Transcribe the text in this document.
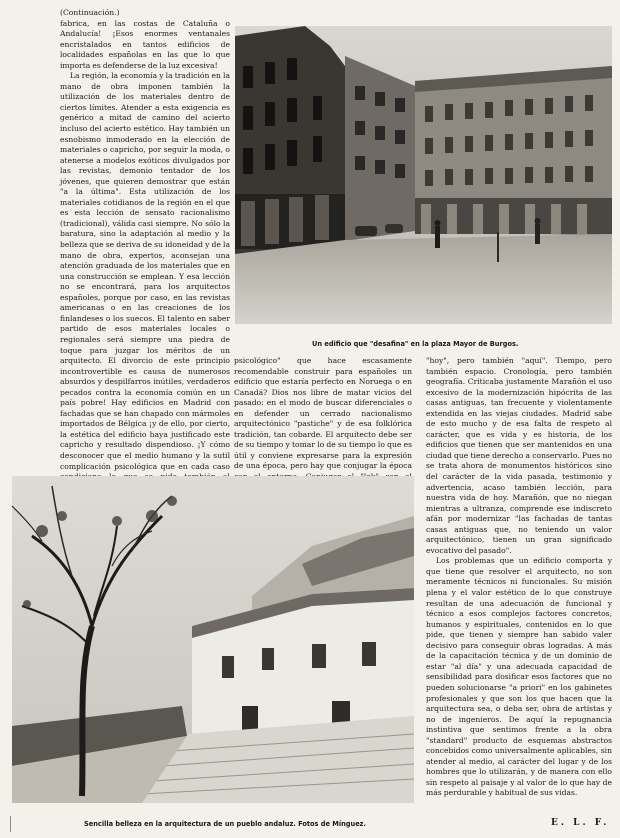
(Continuación.)

fabrica, en las costas de Cataluña o Andalucía! ¡Esos enormes ventanales encristalados en tantos edificios de localidades españolas en las que lo que importa es defenderse de la luz excesiva!

La región, la economía y la tradición en la mano de obra imponen también la utilización de los materiales dentro de ciertos límites. Atender a esta exigencia es genérico a mitad de camino del acierto incluso del acierto estético. Hay también un esnobismo inmoderado en la elección de materiales o capricho, por seguir la moda, o atenerse a modelos exóticos divulgados por las revistas, demonio tentador de los jóvenes, que quieren demostrar que están "a la última". Esta utilización de los materiales cotidianos de la región en el que es esta lección de sensato racionalismo (tradicional), válida casi siempre. No sólo la baratura, sino la adaptación al medio y la belleza que se deriva de su idoneidad y de la mano de obra, expertos, aconsejan una atención graduada de los materiales que en una construcción se emplean. Y esa lección no se encontrará, para los arquitectos españoles, porque por caso, en las revistas americanas o en las creaciones de los finlandeses o los suecos. El talento en saber partido de esos materiales locales o regionales será siempre una piedra de toque para juzgar los méritos de un arquitecto. El divorcio de este principio incontrovertible es causa de numerosos absurdos y despilfarros inútiles, verdaderos pecados contra la economía común en un país pobre! Hay edificios en Madrid con fachadas que se han chapado con mármoles importados de Bélgica ¡y de ello, por cierto, la estética del edificio haya justificado este capricho y resultado dispendioso. ¡Y cómo desconocer que el medio humano y la sutil complicación psicológica que en cada caso

Un edificio que "desafina" en la plaza Mayor de Burgos.

psicológico" que hace escasamente recomendable construir para españoles un edificio que estaría perfecto en Noruega o en Canadá? Dios nos libre de matar vicios del pasado: en el modo de buscar diferenciales o en defender un cerrado nacionalismo arquitectónico "pastiche" y de esa folklórica tradición, tan cobarde. El arquitecto debe ser de su tiempo y tomar lo de su tiempo lo que es útil y conviene expresarse para la expresión de una época, pero hay que conjugar la época

"hoy", pero también "aquí". Tiempo, pero también espacio. Cronología, pero también geografía. Criticaba justamente Marañón el uso excesivo de la modernización hipócrita de las casas antiguas, tan frecuente y violentamente extendida en las viejas ciudades. Madrid sabe de esto mucho y de esa falta de respeto al carácter, que es vida y es historia, de los edificios que tienen que ser mantenidos en una ciudad que tiene derecho a conservarlo. Pues no se trata ahora de monumentos históricos sino del carácter de la vida pasada, testimonio y advertencia, acaso también lección, para nuestra vida de hoy. Marañón, que no niegan mientras a ultranza, comprende ese indiscreto afán por modernizar "las fachadas de tantas casas antiguas que, no teniendo un valor arquitectónico, tienen un gran significado evocativo del pasado".

Los problemas que un edificio comporta y que tiene que resolver el arquitecto, no son meramente técnicos ni funcionales. Su misión plena y el valor estético de lo que construye resultan de una adecuación de funcional y técnico a esos complejos factores concretos, humanos y espirituales, contenidos en lo que pide, que tienen y siempre han sabido valer decisivo para conseguir obras logradas. A más de la capacitación técnica y de un dominio de estar "al día" y una adecuada capacidad de sensibilidad para dosificar esos factores que no pueden solucionarse "a priori" en los gabinetes profesionales y que son los que hacen que la arquitectura sea, o deba ser, obra de artistas y no de ingenieros. De aquí la repugnancia instintiva que sentimos frente a la obra "standard" producto de esquemas abstractos concebidos como universalmente aplicables, sin atender al medio, al carácter del lugar y de los hombres que lo utilizarán, y de manera con ello sin respeto al paisaje y al valor de lo que hay de más perdurable y habitual de sus vidas.

Sencilla belleza en la arquitectura de un pueblo andaluz. Fotos de Mínguez.	E. L. F.
